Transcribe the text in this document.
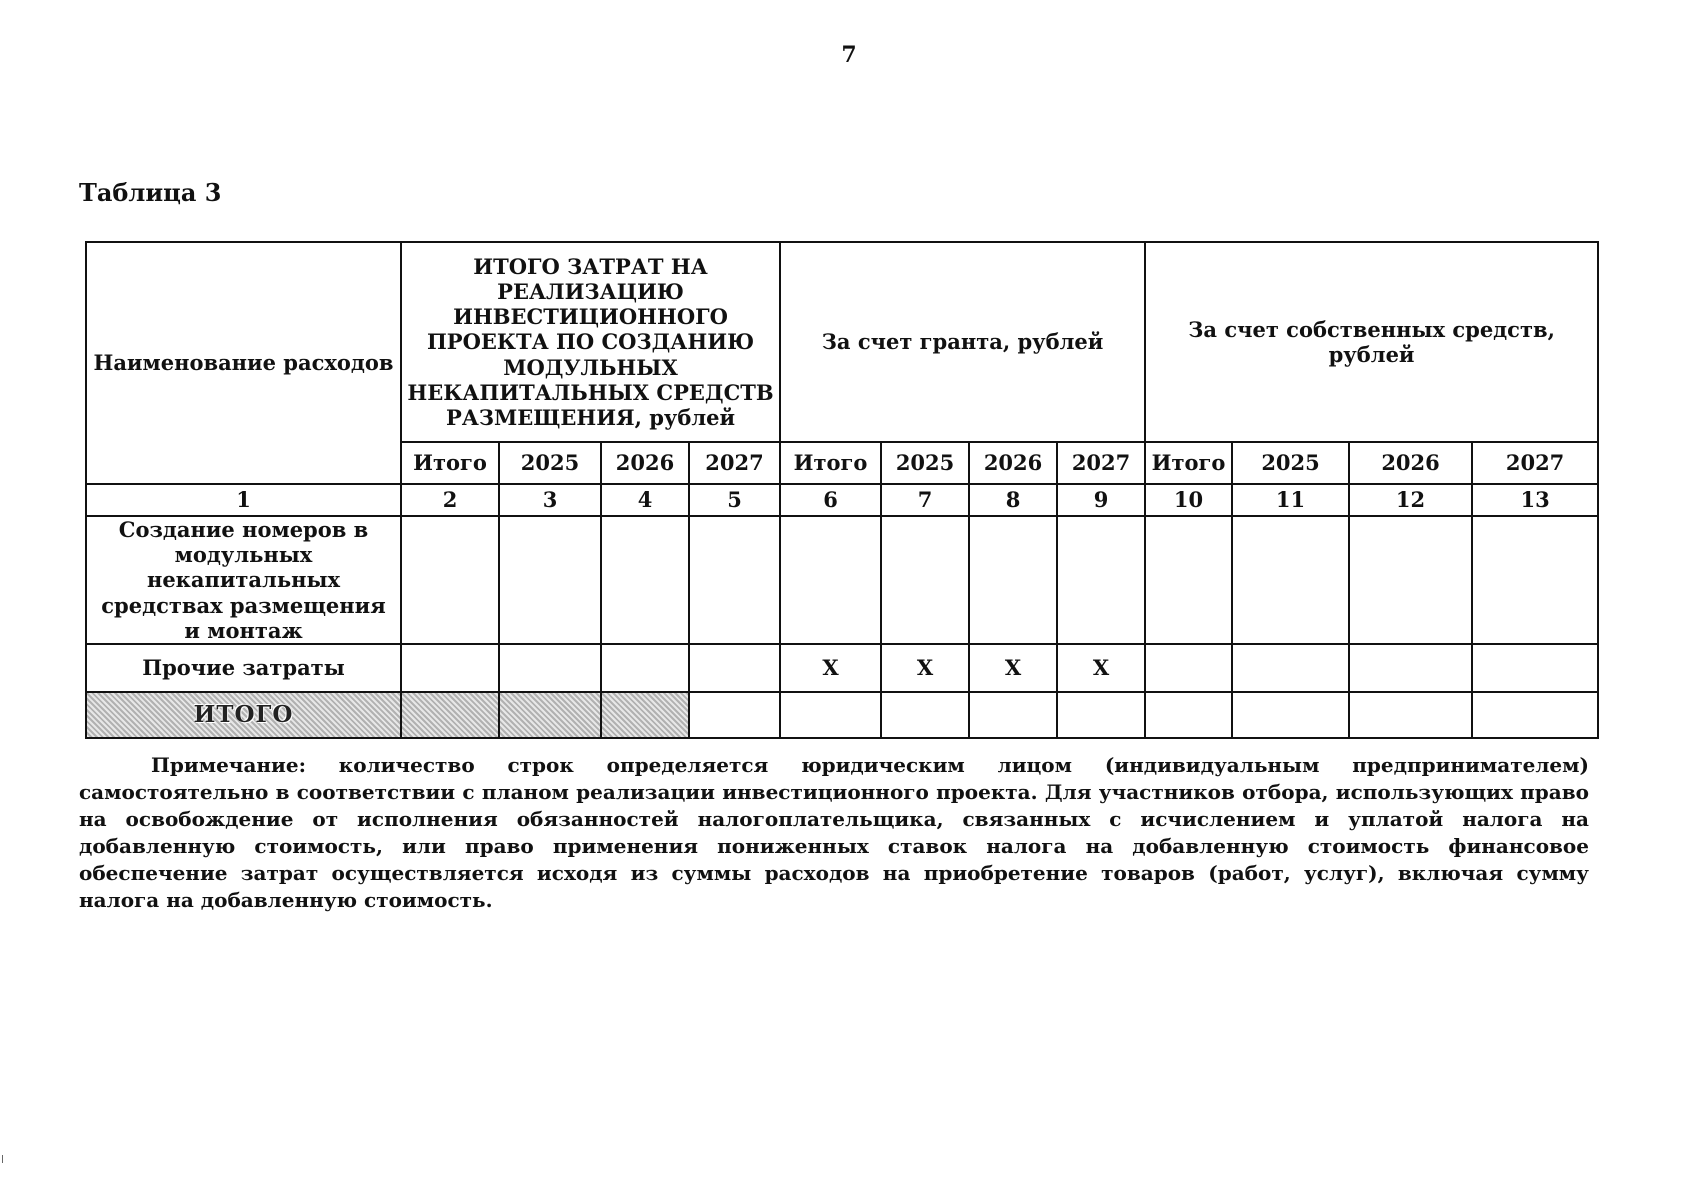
7
Таблица 3
Наименование расходов	ИТОГО ЗАТРАТ НА РЕАЛИЗАЦИЮ ИНВЕСТИЦИОННОГО ПРОЕКТА ПО СОЗДАНИЮ МОДУЛЬНЫХ НЕКАПИТАЛЬНЫХ СРЕДСТВ РАЗМЕЩЕНИЯ, рублей				За счет гранта, рублей				За счет собственных средств, рублей			
	Итого	2025	2026	2027	Итого	2025	2026	2027	Итого	2025	2026	2027
1	2	3	4	5	6	7	8	9	10	11	12	13
Создание номеров в модульных некапитальных средствах размещения и монтаж												
Прочие затраты					X	X	X	X				
ИТОГО												
Примечание: количество строк определяется юридическим лицом (индивидуальным предпринимателем) самостоятельно в соответствии с планом реализации инвестиционного проекта. Для участников отбора, использующих право на освобождение от исполнения обязанностей налогоплательщика, связанных с исчислением и уплатой налога на добавленную стоимость, или право применения пониженных ставок налога на добавленную стоимость финансовое обеспечение затрат осуществляется исходя из суммы расходов на приобретение товаров (работ, услуг), включая сумму налога на добавленную стоимость.
